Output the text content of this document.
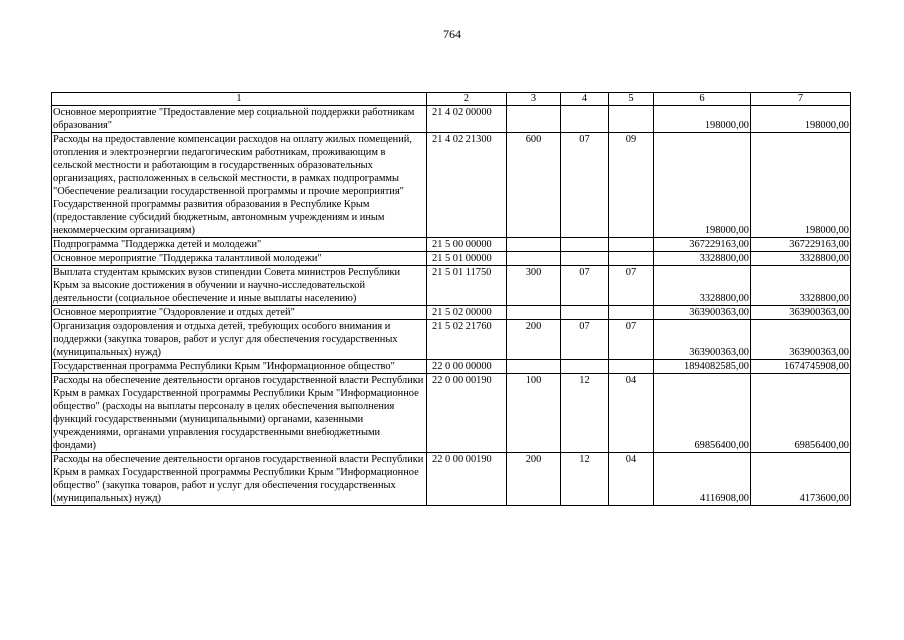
764
1	2	3	4	5	6	7
Основное мероприятие "Предоставление мер социальной поддержки работникам образования"	21 4 02 00000				198000,00	198000,00
Расходы на предоставление компенсации расходов на оплату жилых помещений, отопления и электроэнергии педагогическим работникам, проживающим в сельской местности и работающим в государственных образовательных организациях, расположенных в сельской местности, в рамках подпрограммы "Обеспечение реализации государственной программы и прочие мероприятия" Государственной программы развития образования в Республике Крым (предоставление субсидий бюджетным, автономным учреждениям и иным некоммерческим организациям)	21 4 02 21300	600	07	09	198000,00	198000,00
Подпрограмма "Поддержка детей и молодежи"	21 5 00 00000				367229163,00	367229163,00
Основное мероприятие "Поддержка талантливой молодежи"	21 5 01 00000				3328800,00	3328800,00
Выплата студентам крымских вузов стипендии Совета министров Республики Крым за высокие достижения в обучении и научно-исследовательской деятельности (социальное обеспечение и иные выплаты населению)	21 5 01 11750	300	07	07	3328800,00	3328800,00
Основное мероприятие "Оздоровление и отдых детей"	21 5 02 00000				363900363,00	363900363,00
Организация оздоровления и отдыха детей, требующих особого внимания и поддержки (закупка товаров, работ и услуг для обеспечения государственных (муниципальных) нужд)	21 5 02 21760	200	07	07	363900363,00	363900363,00
Государственная программа Республики Крым "Информационное общество"	22 0 00 00000				1894082585,00	1674745908,00
Расходы на обеспечение деятельности органов государственной власти Республики Крым в рамках Государственной программы Республики Крым "Информационное общество" (расходы на выплаты персоналу в целях обеспечения выполнения функций государственными (муниципальными) органами, казенными учреждениями, органами управления государственными внебюджетными фондами)	22 0 00 00190	100	12	04	69856400,00	69856400,00
Расходы на обеспечение деятельности органов государственной власти Республики Крым в рамках Государственной программы Республики Крым "Информационное общество" (закупка товаров, работ и услуг для обеспечения государственных (муниципальных) нужд)	22 0 00 00190	200	12	04	4116908,00	4173600,00
